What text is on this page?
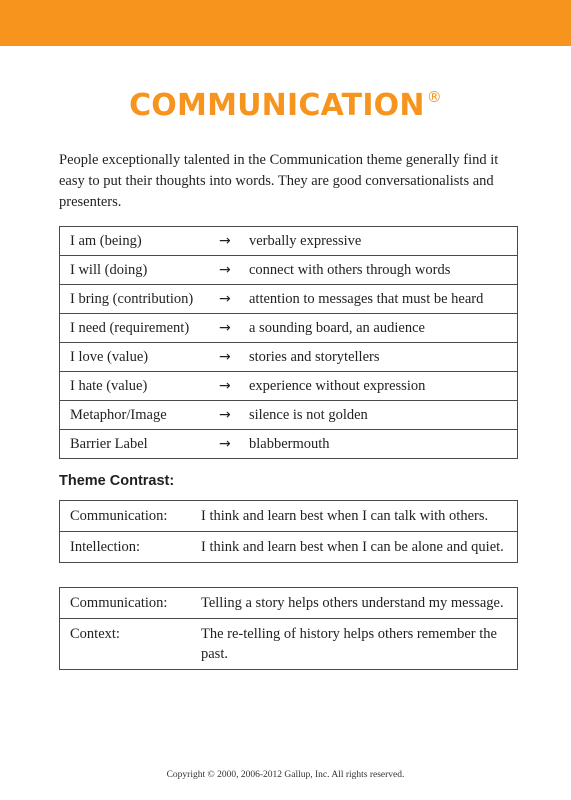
COMMUNICATION ®
People exceptionally talented in the Communication theme generally find it easy to put their thoughts into words. They are good conversationalists and presenters.
I am (being)	→	verbally expressive
I will (doing)	→	connect with others through words
I bring (contribution)	→	attention to messages that must be heard
I need (requirement)	→	a sounding board, an audience
I love (value)	→	stories and storytellers
I hate (value)	→	experience without expression
Metaphor/Image	→	silence is not golden
Barrier Label	→	blabbermouth
Theme Contrast:
Communication:	I think and learn best when I can talk with others.
Intellection:	I think and learn best when I can be alone and quiet.
Communication:	Telling a story helps others understand my message.
Context:	The re-telling of history helps others remember the past.
Copyright © 2000, 2006-2012 Gallup, Inc. All rights reserved.
